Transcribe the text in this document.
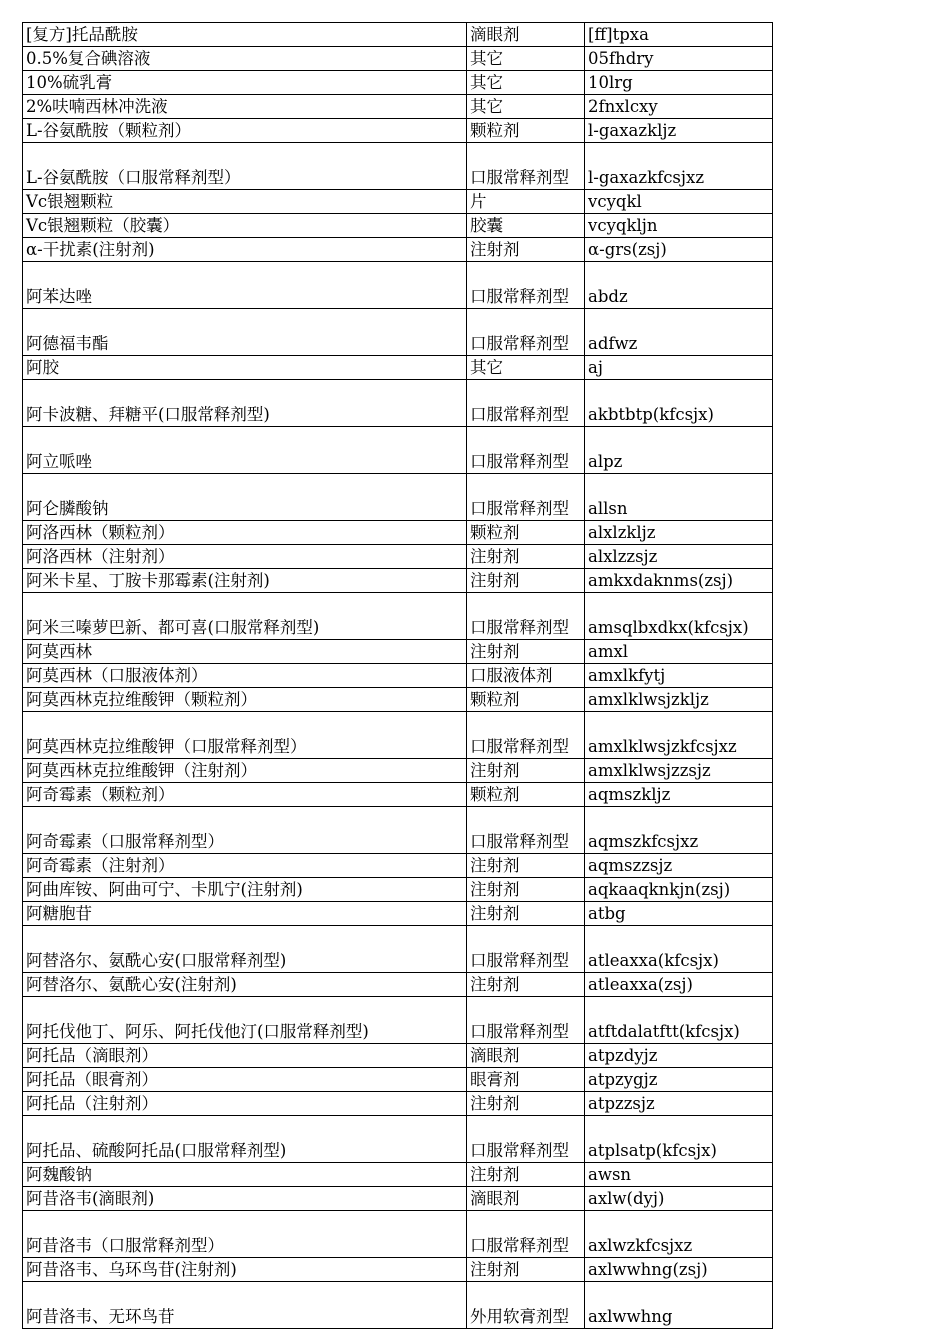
[复方]托品酰胺	滴眼剂	[ff]tpxa
0.5%复合碘溶液	其它	05fhdry
10%硫乳膏	其它	10lrg
2%呋喃西林冲洗液	其它	2fnxlcxy
L-谷氨酰胺（颗粒剂）	颗粒剂	l-gaxazkljz
L-谷氨酰胺（口服常释剂型）	口服常释剂型	l-gaxazkfcsjxz
Vc银翘颗粒	片	vcyqkl
Vc银翘颗粒（胶囊）	胶囊	vcyqkljn
α-干扰素(注射剂)	注射剂	α-grs(zsj)
阿苯达唑	口服常释剂型	abdz
阿德福韦酯	口服常释剂型	adfwz
阿胶	其它	aj
阿卡波糖、拜糖平(口服常释剂型)	口服常释剂型	akbtbtp(kfcsjx)
阿立哌唑	口服常释剂型	alpz
阿仑膦酸钠	口服常释剂型	allsn
阿洛西林（颗粒剂）	颗粒剂	alxlzkljz
阿洛西林（注射剂）	注射剂	alxlzzsjz
阿米卡星、丁胺卡那霉素(注射剂)	注射剂	amkxdaknms(zsj)
阿米三嗪萝巴新、都可喜(口服常释剂型)	口服常释剂型	amsqlbxdkx(kfcsjx)
阿莫西林	注射剂	amxl
阿莫西林（口服液体剂）	口服液体剂	amxlkfytj
阿莫西林克拉维酸钾（颗粒剂）	颗粒剂	amxlklwsjzkljz
阿莫西林克拉维酸钾（口服常释剂型）	口服常释剂型	amxlklwsjzkfcsjxz
阿莫西林克拉维酸钾（注射剂）	注射剂	amxlklwsjzzsjz
阿奇霉素（颗粒剂）	颗粒剂	aqmszkljz
阿奇霉素（口服常释剂型）	口服常释剂型	aqmszkfcsjxz
阿奇霉素（注射剂）	注射剂	aqmszzsjz
阿曲库铵、阿曲可宁、卡肌宁(注射剂)	注射剂	aqkaaqknkjn(zsj)
阿糖胞苷	注射剂	atbg
阿替洛尔、氨酰心安(口服常释剂型)	口服常释剂型	atleaxxa(kfcsjx)
阿替洛尔、氨酰心安(注射剂)	注射剂	atleaxxa(zsj)
阿托伐他丁、阿乐、阿托伐他汀(口服常释剂型)	口服常释剂型	atftdalatftt(kfcsjx)
阿托品（滴眼剂）	滴眼剂	atpzdyjz
阿托品（眼膏剂）	眼膏剂	atpzygjz
阿托品（注射剂）	注射剂	atpzzsjz
阿托品、硫酸阿托品(口服常释剂型)	口服常释剂型	atplsatp(kfcsjx)
阿魏酸钠	注射剂	awsn
阿昔洛韦(滴眼剂)	滴眼剂	axlw(dyj)
阿昔洛韦（口服常释剂型）	口服常释剂型	axlwzkfcsjxz
阿昔洛韦、乌环鸟苷(注射剂)	注射剂	axlwwhng(zsj)
阿昔洛韦、无环鸟苷	外用软膏剂型	axlwwhng
